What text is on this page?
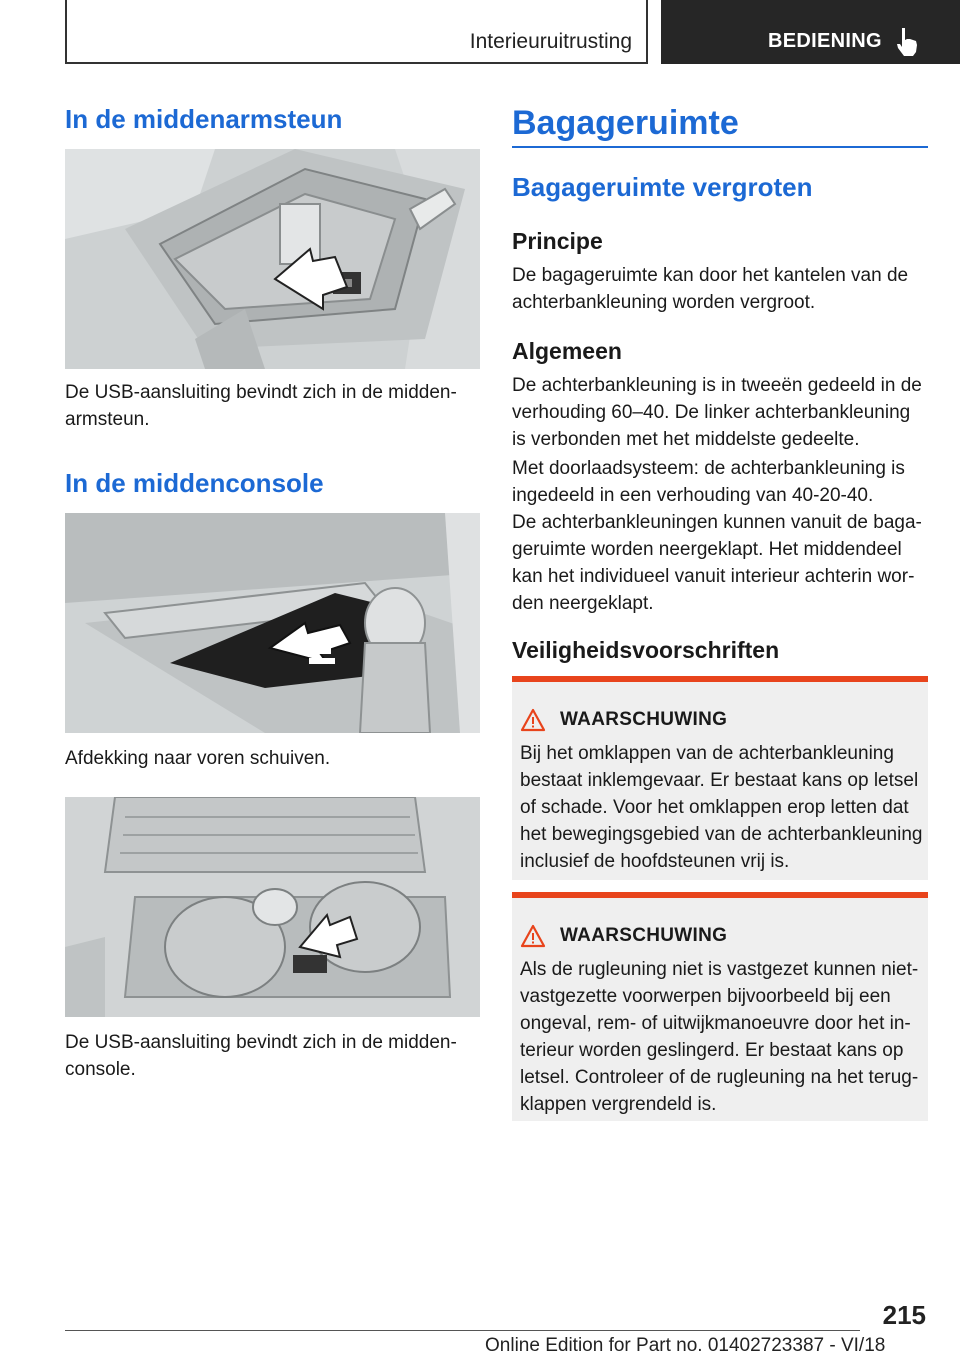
Interieuruitrusting	BEDIENING
In de middenarmsteun

De USB-aansluiting bevindt zich in de middenarmsteun.

In de middenconsole

Afdekking naar voren schuiven.

De USB-aansluiting bevindt zich in de middenconsole.

Bagageruimte
Bagageruimte vergroten
Principe

De bagageruimte kan door het kantelen van de achterbankleuning worden vergroot.

Algemeen

De achterbankleuning is in tweeën gedeeld in de verhouding 60–40. De linker achterbankleuning is verbonden met het middelste gedeelte.

Met doorlaadsysteem: de achterbankleuning is ingedeeld in een verhouding van 40‑20‑40.

De achterbankleuningen kunnen vanuit de bagageruimte worden neergeklapt. Het middendeel kan het individueel vanuit interieur achterin worden neergeklapt.

Veiligheidsvoorschriften
WAARSCHUWING
Bij het omklappen van de achterbankleuning bestaat inklemgevaar. Er bestaat kans op letsel of schade. Voor het omklappen erop letten dat het bewegingsgebied van de achterbankleuning inclusief de hoofdsteunen vrij is.
WAARSCHUWING
Als de rugleuning niet is vastgezet kunnen niet-vastgezette voorwerpen bijvoorbeeld bij een ongeval, rem- of uitwijkmanoeuvre door het interieur worden geslingerd. Er bestaat kans op letsel. Controleer of de rugleuning na het terugklappen vergrendeld is.
215
Online Edition for Part no. 01402723387 - VI/18
